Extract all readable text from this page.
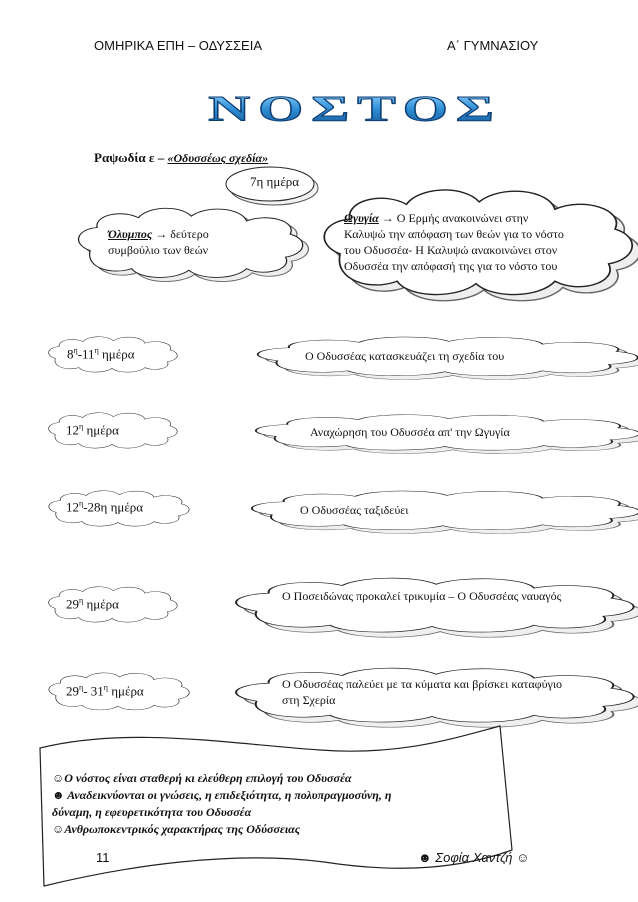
ΝΟΣΤΟΣ
ΟΜΗΡΙΚΑ ΕΠΗ – ΟΔΥΣΣΕΙΑ	Α΄ ΓΥΜΝΑΣΙΟΥ
Ραψωδία ε – «Οδυσσέως σχεδία»
7η ημέρα
Όλυμπος → δεύτερο συμβούλιο των θεών
Ωγυγία → Ο Ερμής ανακοινώνει στην Καλυψώ την απόφαση των θεών για το νόστο του Οδυσσέα- Η Καλυψώ ανακοινώνει στον Οδυσσέα την απόφασή της για το νόστο του
$8^\eta-11^\eta$ ημέρα
$12^\eta$ ημέρα
$12^\eta-28\eta$ ημέρα
$29^\eta$ ημέρα
$29^\eta-$ $31^\eta$ ημέρα
Ο Οδυσσέας κατασκευάζει τη σχεδία του
Αναχώρηση του Οδυσσέα απ' την Ωγυγία
Ο Οδυσσέας ταξιδεύει
Ο Ποσειδώνας προκαλεί τρικυμία – Ο Οδυσσέας ναυαγός
Ο Οδυσσέας παλεύει με τα κύματα και βρίσκει καταφύγιο στη Σχερία
☺Ο νόστος είναι σταθερή κι ελεύθερη επιλογή του Οδυσσέα
☻ Αναδεικνύονται οι γνώσεις, η επιδεξιότητα, η πολυπραγμοσύνη, η δύναμη, η εφευρετικότητα του Οδυσσέα
☺Ανθρωποκεντρικός χαρακτήρας της Οδύσσειας
11	☻ Σοφία Χαντζή ☺
